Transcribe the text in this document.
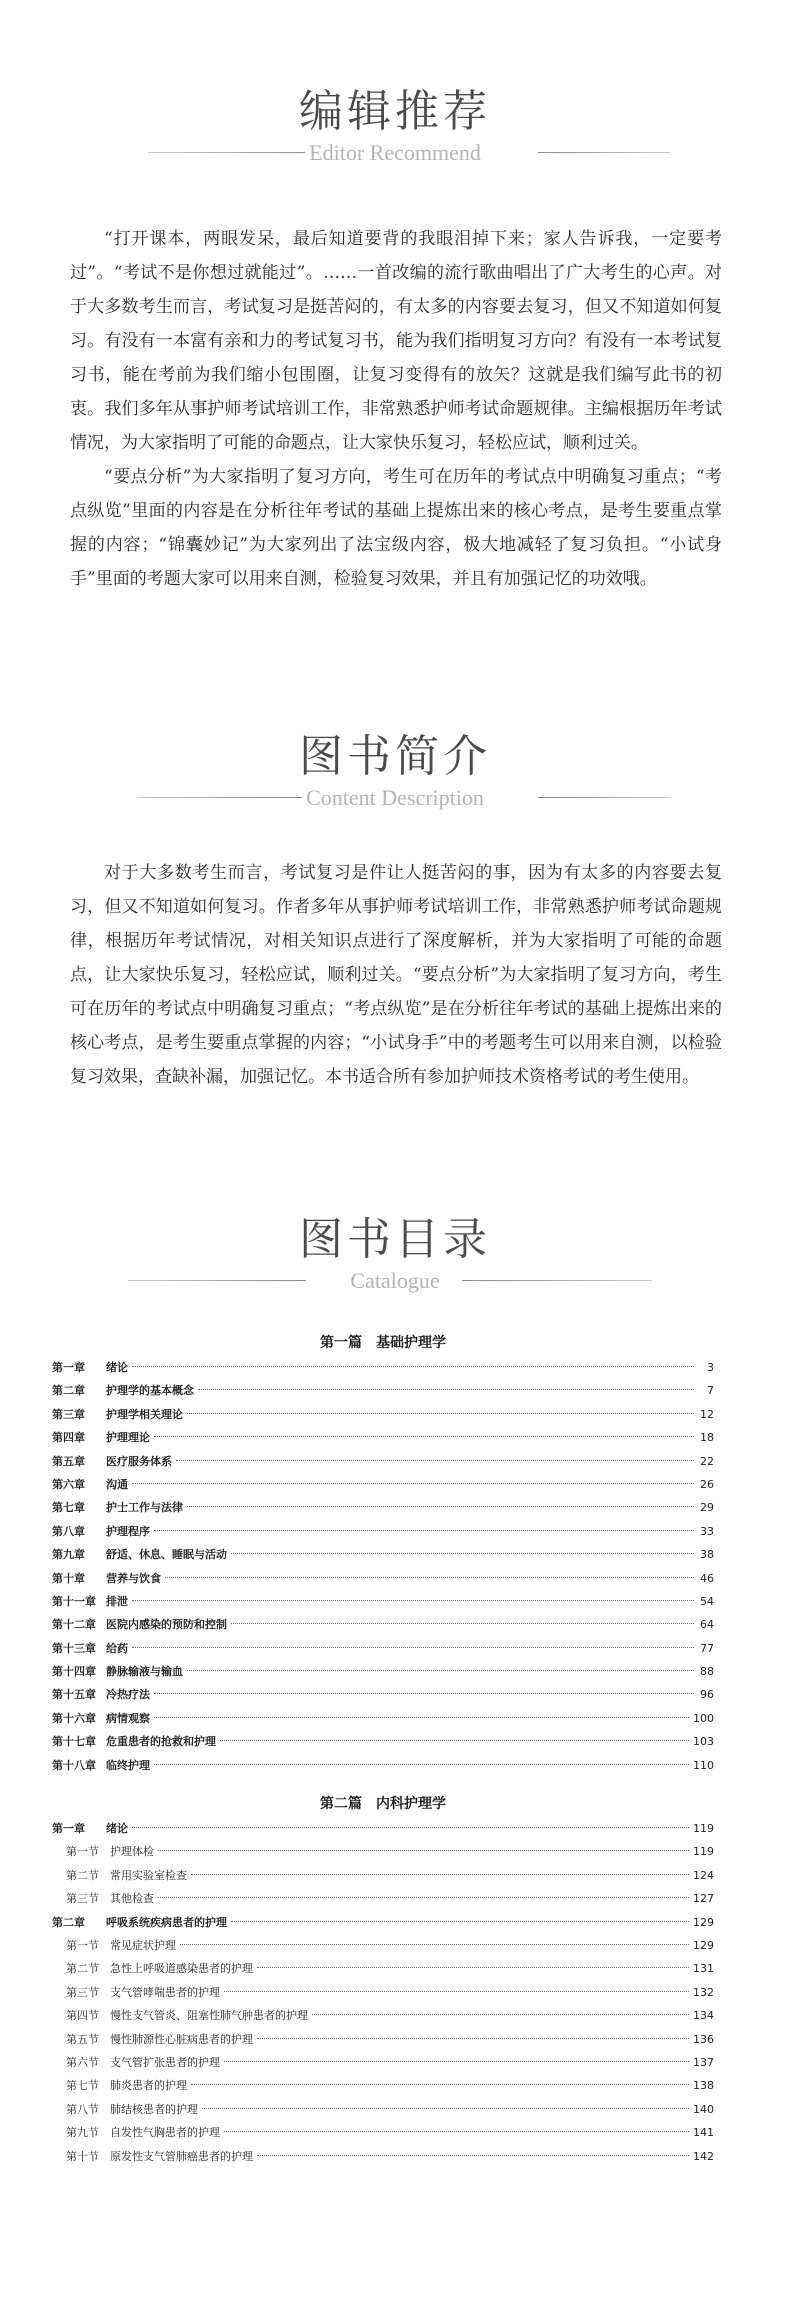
编辑推荐
Editor Recommend

“打开课本，两眼发呆，最后知道要背的我眼泪掉下来；家人告诉我，一定要考过”。“考试不是你想过就能过”。……一首改编的流行歌曲唱出了广大考生的心声。对于大多数考生而言，考试复习是挺苦闷的，有太多的内容要去复习，但又不知道如何复习。有没有一本富有亲和力的考试复习书，能为我们指明复习方向？有没有一本考试复习书，能在考前为我们缩小包围圈，让复习变得有的放矢？这就是我们编写此书的初衷。我们多年从事护师考试培训工作，非常熟悉护师考试命题规律。主编根据历年考试情况，为大家指明了可能的命题点，让大家快乐复习，轻松应试，顺利过关。

“要点分析”为大家指明了复习方向，考生可在历年的考试点中明确复习重点；“考点纵览”里面的内容是在分析往年考试的基础上提炼出来的核心考点，是考生要重点掌握的内容；“锦囊妙记”为大家列出了法宝级内容，极大地减轻了复习负担。“小试身手”里面的考题大家可以用来自测，检验复习效果，并且有加强记忆的功效哦。

图书简介
Content Description

对于大多数考生而言，考试复习是件让人挺苦闷的事，因为有太多的内容要去复习，但又不知道如何复习。作者多年从事护师考试培训工作，非常熟悉护师考试命题规律，根据历年考试情况，对相关知识点进行了深度解析，并为大家指明了可能的命题点，让大家快乐复习，轻松应试，顺利过关。“要点分析”为大家指明了复习方向，考生可在历年的考试点中明确复习重点；“考点纵览”是在分析往年考试的基础上提炼出来的核心考点，是考生要重点掌握的内容；“小试身手”中的考题考生可以用来自测，以检验复习效果，查缺补漏，加强记忆。本书适合所有参加护师技术资格考试的考生使用。

图书目录
Catalogue
第一篇　基础护理学
第一章	绪论	3
第二章	护理学的基本概念	7
第三章	护理学相关理论	12
第四章	护理理论	18
第五章	医疗服务体系	22
第六章	沟通	26
第七章	护士工作与法律	29
第八章	护理程序	33
第九章	舒适、休息、睡眠与活动	38
第十章	营养与饮食	46
第十一章 排泄	54
第十二章 医院内感染的预防和控制	64
第十三章 给药	77
第十四章 静脉输液与输血	88
第十五章 冷热疗法	96
第十六章 病情观察	100
第十七章 危重患者的抢救和护理	103
第十八章 临终护理	110
第二篇　内科护理学
第一章	绪论	119
第一节	护理体检	119
第二节	常用实验室检查	124
第三节	其他检查	127
第二章	呼吸系统疾病患者的护理	129
第一节	常见症状护理	129
第二节	急性上呼吸道感染患者的护理	131
第三节	支气管哮喘患者的护理	132
第四节	慢性支气管炎、阻塞性肺气肿患者的护理	134
第五节	慢性肺源性心脏病患者的护理	136
第六节	支气管扩张患者的护理	137
第七节	肺炎患者的护理	138
第八节	肺结核患者的护理	140
第九节	自发性气胸患者的护理	141
第十节	原发性支气管肺癌患者的护理	142
